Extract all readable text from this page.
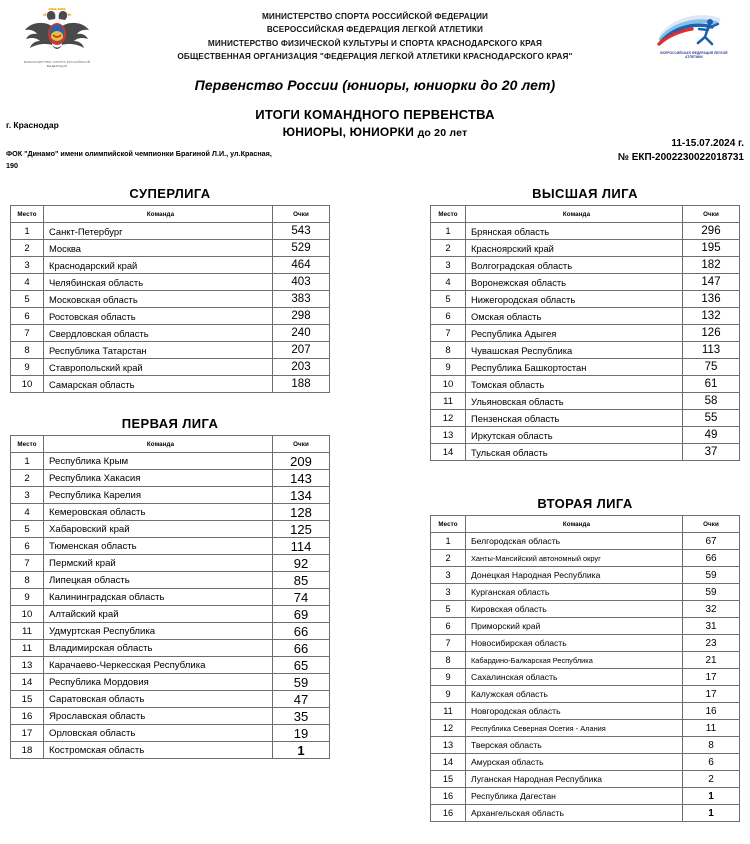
МИНИСТЕРСТВО СПОРТА РОССИЙСКОЙ ФЕДЕРАЦИИ
ВСЕРОССИЙСКАЯ ФЕДЕРАЦИЯ ЛЕГКОЙ АТЛЕТИКИ
МИНИСТЕРСТВО СПОРТА РОССИЙСКОЙ ФЕДЕРАЦИИ
ВСЕРОССИЙСКАЯ ФЕДЕРАЦИЯ ЛЕГКОЙ АТЛЕТИКИ
МИНИСТЕРСТВО ФИЗИЧЕСКОЙ КУЛЬТУРЫ И СПОРТА КРАСНОДАРСКОГО КРАЯ
ОБЩЕСТВЕННАЯ ОРГАНИЗАЦИЯ "ФЕДЕРАЦИЯ ЛЕГКОЙ АТЛЕТИКИ КРАСНОДАРСКОГО КРАЯ"
Первенство России (юниоры, юниорки до 20 лет)
ИТОГИ КОМАНДНОГО ПЕРВЕНСТВА
ЮНИОРЫ, ЮНИОРКИ до 20 лет
г. Краснодар
ФОК "Динамо" имени олимпийской чемпионки Брагиной Л.И., ул.Красная, 190
11-15.07.2024 г.
№ ЕКП-2002230022018731
СУПЕРЛИГА
Место	Команда	Очки
1	Санкт-Петербург	543
2	Москва	529
3	Краснодарский край	464
4	Челябинская область	403
5	Московская область	383
6	Ростовская область	298
7	Свердловская область	240
8	Республика Татарстан	207
9	Ставропольский край	203
10	Самарская область	188
ПЕРВАЯ ЛИГА
Место	Команда	Очки
1	Республика Крым	209
2	Республика Хакасия	143
3	Республика Карелия	134
4	Кемеровская область	128
5	Хабаровский край	125
6	Тюменская область	114
7	Пермский край	92
8	Липецкая область	85
9	Калининградская область	74
10	Алтайский край	69
11	Удмуртская Республика	66
11	Владимирская область	66
13	Карачаево-Черкесская Республика	65
14	Республика Мордовия	59
15	Саратовская область	47
16	Ярославская область	35
17	Орловская область	19
18	Костромская область	1
ВЫСШАЯ ЛИГА
Место	Команда	Очки
1	Брянская область	296
2	Красноярский край	195
3	Волгоградская область	182
4	Воронежская область	147
5	Нижегородская область	136
6	Омская область	132
7	Республика Адыгея	126
8	Чувашская Республика	113
9	Республика Башкортостан	75
10	Томская область	61
11	Ульяновская область	58
12	Пензенская область	55
13	Иркутская область	49
14	Тульская область	37
ВТОРАЯ ЛИГА
Место	Команда	Очки
1	Белгородская область	67
2	Ханты-Мансийский автономный округ	66
3	Донецкая Народная Республика	59
3	Курганская область	59
5	Кировская область	32
6	Приморский край	31
7	Новосибирская область	23
8	Кабардино-Балкарская Республика	21
9	Сахалинская область	17
9	Калужская область	17
11	Новгородская область	16
12	Республика Северная Осетия - Алания	11
13	Тверская область	8
14	Амурская область	6
15	Луганская Народная Республика	2
16	Республика Дагестан	1
16	Архангельская область	1
